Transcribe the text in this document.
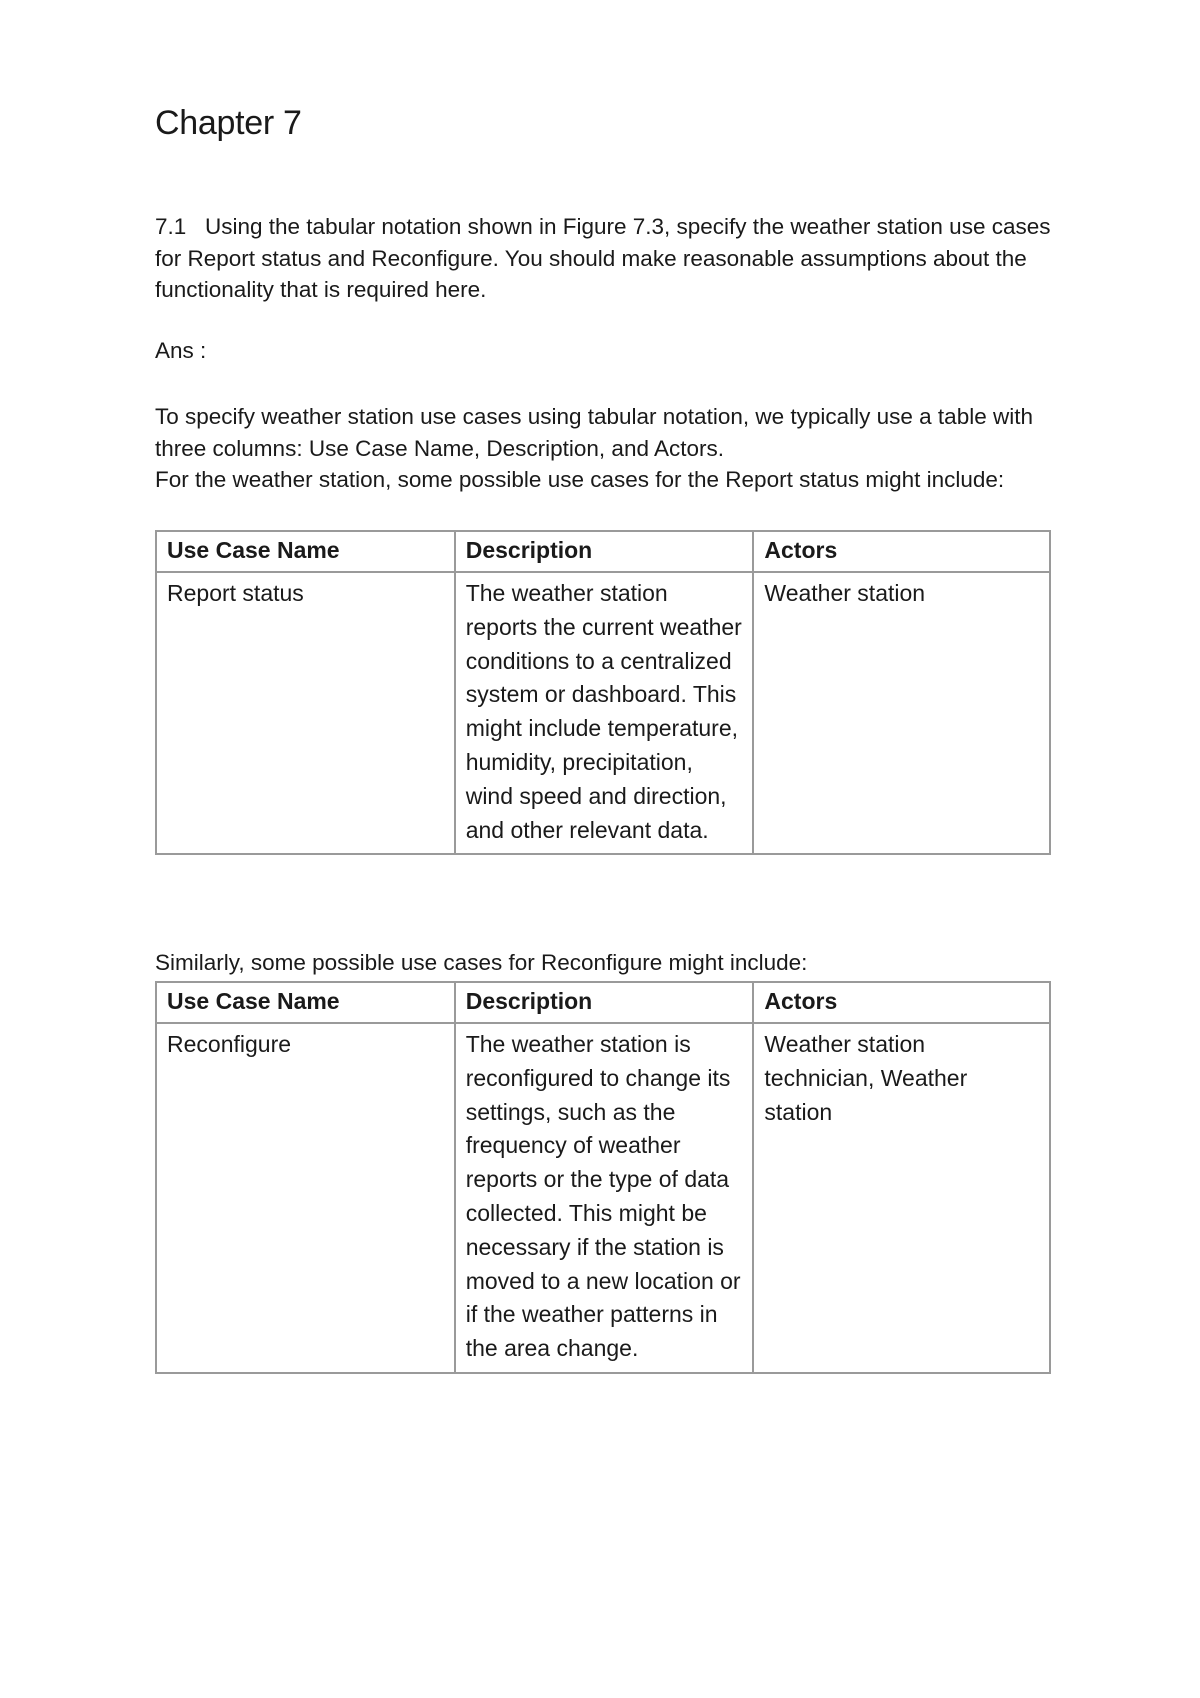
Chapter 7

7.1 Using the tabular notation shown in Figure 7.3, specify the weather station use cases for Report status and Reconfigure. You should make reasonable assumptions about the functionality that is required here.

Ans :

To specify weather station use cases using tabular notation, we typically use a table with three columns: Use Case Name, Description, and Actors.

For the weather station, some possible use cases for the Report status might include:

Use Case Name	Description	Actors
Report status	The weather station reports the current weather conditions to a centralized system or dashboard. This might include temperature, humidity, precipitation, wind speed and direction, and other relevant data.	Weather station

Similarly, some possible use cases for Reconfigure might include:

Use Case Name	Description	Actors
Reconfigure	The weather station is reconfigured to change its settings, such as the frequency of weather reports or the type of data collected. This might be necessary if the station is moved to a new location or if the weather patterns in the area change.	Weather station technician, Weather station
